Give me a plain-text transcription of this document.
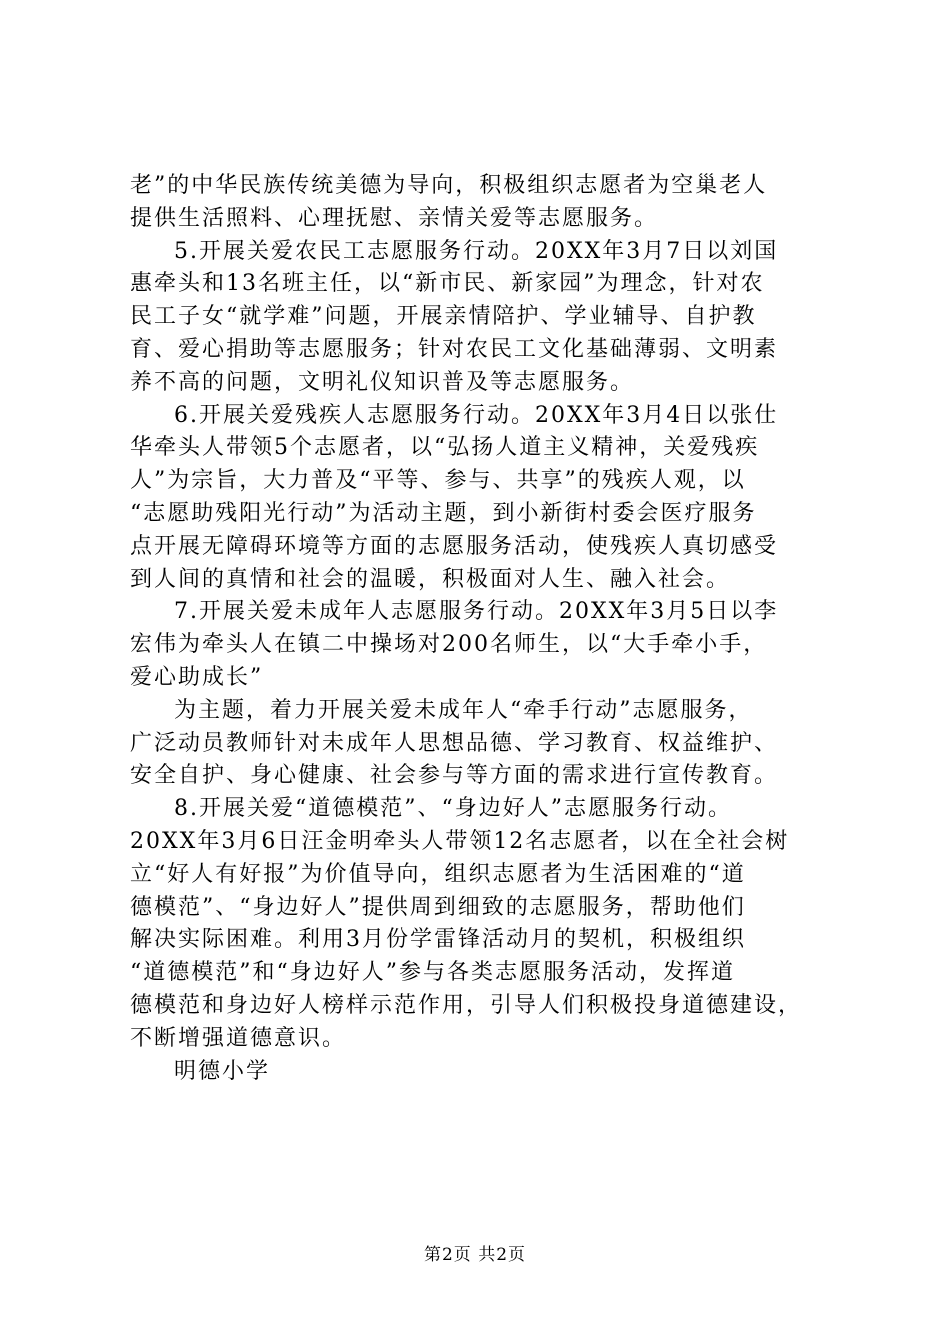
老”的中华民族传统美德为导向，积极组织志愿者为空巢老人
提供生活照料、心理抚慰、亲情关爱等志愿服务。
5.开展关爱农民工志愿服务行动。20XX年3月7日以刘国
惠牵头和13名班主任，以“新市民、新家园”为理念，针对农
民工子女“就学难”问题，开展亲情陪护、学业辅导、自护教
育、爱心捐助等志愿服务；针对农民工文化基础薄弱、文明素
养不高的问题，文明礼仪知识普及等志愿服务。
6.开展关爱残疾人志愿服务行动。20XX年3月4日以张仕
华牵头人带领5个志愿者，以“弘扬人道主义精神，关爱残疾
人”为宗旨，大力普及“平等、参与、共享”的残疾人观，以
“志愿助残阳光行动”为活动主题，到小新街村委会医疗服务
点开展无障碍环境等方面的志愿服务活动，使残疾人真切感受
到人间的真情和社会的温暖，积极面对人生、融入社会。
7.开展关爱未成年人志愿服务行动。20XX年3月5日以李
宏伟为牵头人在镇二中操场对200名师生，以“大手牵小手，
爱心助成长”
为主题，着力开展关爱未成年人“牵手行动”志愿服务，
广泛动员教师针对未成年人思想品德、学习教育、权益维护、
安全自护、身心健康、社会参与等方面的需求进行宣传教育。
8.开展关爱“道德模范”、“身边好人”志愿服务行动。
20XX年3月6日汪金明牵头人带领12名志愿者，以在全社会树
立“好人有好报”为价值导向，组织志愿者为生活困难的“道
德模范”、“身边好人”提供周到细致的志愿服务，帮助他们
解决实际困难。利用3月份学雷锋活动月的契机，积极组织
“道德模范”和“身边好人”参与各类志愿服务活动，发挥道
德模范和身边好人榜样示范作用，引导人们积极投身道德建设，
不断增强道德意识。
明德小学
第2页 共2页
